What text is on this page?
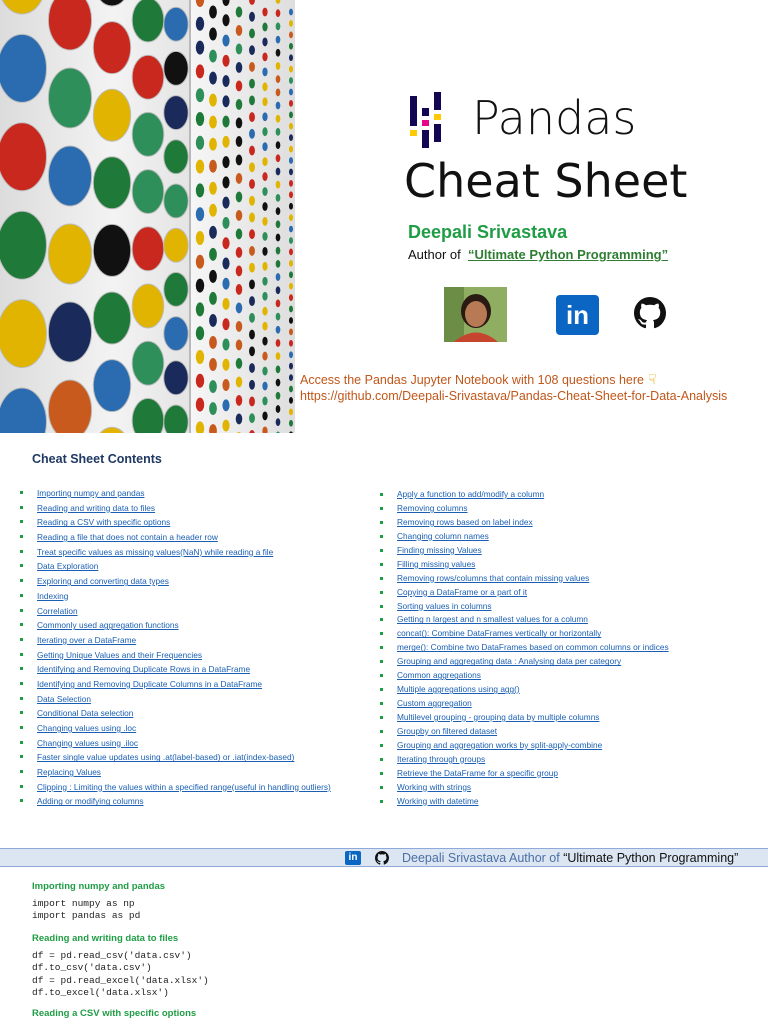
Pandas
Cheat Sheet
Deepali Srivastava
Author of “Ultimate Python Programming”
in
Access the Pandas Jupyter Notebook with 108 questions here ☟
https://github.com/Deepali-Srivastava/Pandas-Cheat-Sheet-for-Data-Analysis
Cheat Sheet Contents
Importing numpy and pandas
Reading and writing data to files
Reading a CSV with specific options
Reading a file that does not contain a header row
Treat specific values as missing values(NaN) while reading a file
Data Exploration
Exploring and converting data types
Indexing
Correlation
Commonly used aggregation functions
Iterating over a DataFrame
Getting Unique Values and their Frequencies
Identifying and Removing Duplicate Rows in a DataFrame
Identifying and Removing Duplicate Columns in a DataFrame
Data Selection
Conditional Data selection
Changing values using .loc
Changing values using .iloc
Faster single value updates using .at(label-based) or .iat(index-based)
Replacing Values
Clipping : Limiting the values within a specified range(useful in handling outliers)
Adding or modifying columns
Apply a function to add/modify a column
Removing columns
Removing rows based on label index
Changing column names
Finding missing Values
Filling missing values
Removing rows/columns that contain missing values
Copying a DataFrame or a part of it
Sorting values in columns
Getting n largest and n smallest values for a column
concat(): Combine DataFrames vertically or horizontally
merge(): Combine two DataFrames based on common columns or indices
Grouping and aggregating data : Analysing data per category
Common aggregations
Multiple aggregations using agg()
Custom aggregation
Multilevel grouping - grouping data by multiple columns
Groupby on filtered dataset
Grouping and aggregation works by split-apply-combine
Iterating through groups
Retrieve the DataFrame for a specific group
Working with strings
Working with datetime
in	Deepali Srivastava Author of “Ultimate Python Programming”
Importing numpy and pandas
import numpy as np
import pandas as pd
Reading and writing data to files
df = pd.read_csv('data.csv')
df.to_csv('data.csv')
df = pd.read_excel('data.xlsx')
df.to_excel('data.xlsx')
Reading a CSV with specific options
